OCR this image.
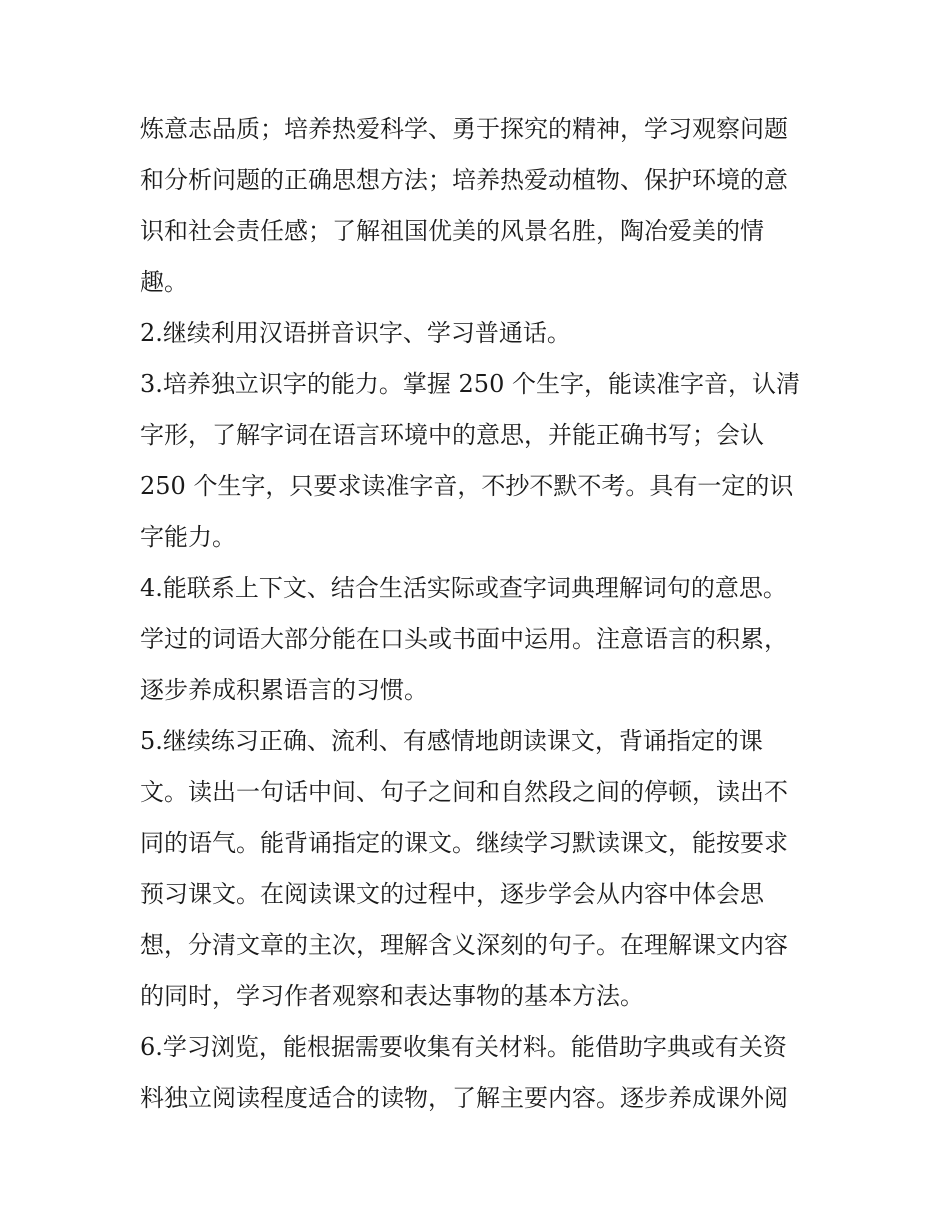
炼意志品质；培养热爱科学、勇于探究的精神，学习观察问题
和分析问题的正确思想方法；培养热爱动植物、保护环境的意
识和社会责任感；了解祖国优美的风景名胜，陶冶爱美的情
趣。
2.继续利用汉语拼音识字、学习普通话。
3.培养独立识字的能力。掌握 250 个生字，能读准字音，认清
字形，了解字词在语言环境中的意思，并能正确书写；会认
250 个生字，只要求读准字音，不抄不默不考。具有一定的识
字能力。
4.能联系上下文、结合生活实际或查字词典理解词句的意思。
学过的词语大部分能在口头或书面中运用。注意语言的积累，
逐步养成积累语言的习惯。
5.继续练习正确、流利、有感情地朗读课文，背诵指定的课
文。读出一句话中间、句子之间和自然段之间的停顿，读出不
同的语气。能背诵指定的课文。继续学习默读课文，能按要求
预习课文。在阅读课文的过程中，逐步学会从内容中体会思
想，分清文章的主次，理解含义深刻的句子。在理解课文内容
的同时，学习作者观察和表达事物的基本方法。
6.学习浏览，能根据需要收集有关材料。能借助字典或有关资
料独立阅读程度适合的读物，了解主要内容。逐步养成课外阅
